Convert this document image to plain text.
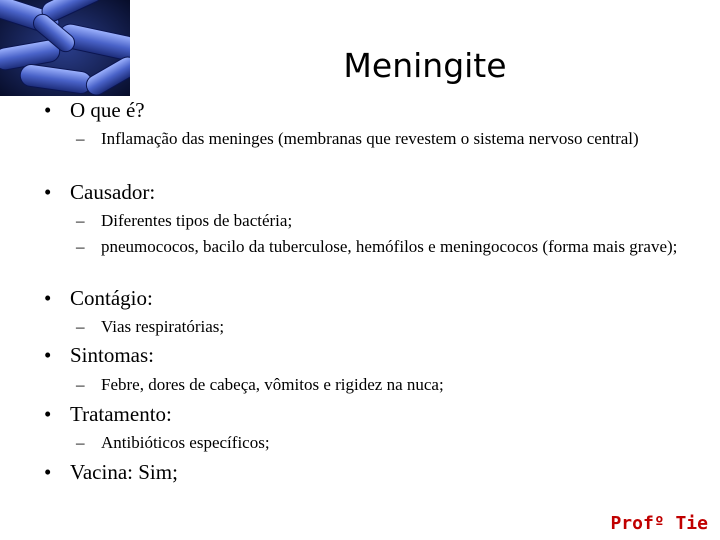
Meningite
• O que é?
– Inflamação das meninges (membranas que revestem o sistema nervoso central)
• Causador:
– Diferentes tipos de bactéria;
– pneumococos, bacilo da tuberculose, hemófilos e meningococos (forma mais grave);
• Contágio:
– Vias respiratórias;
• Sintomas:
– Febre, dores de cabeça, vômitos e rigidez na nuca;
• Tratamento:
– Antibióticos específicos;
• Vacina: Sim;
Profº Tie
